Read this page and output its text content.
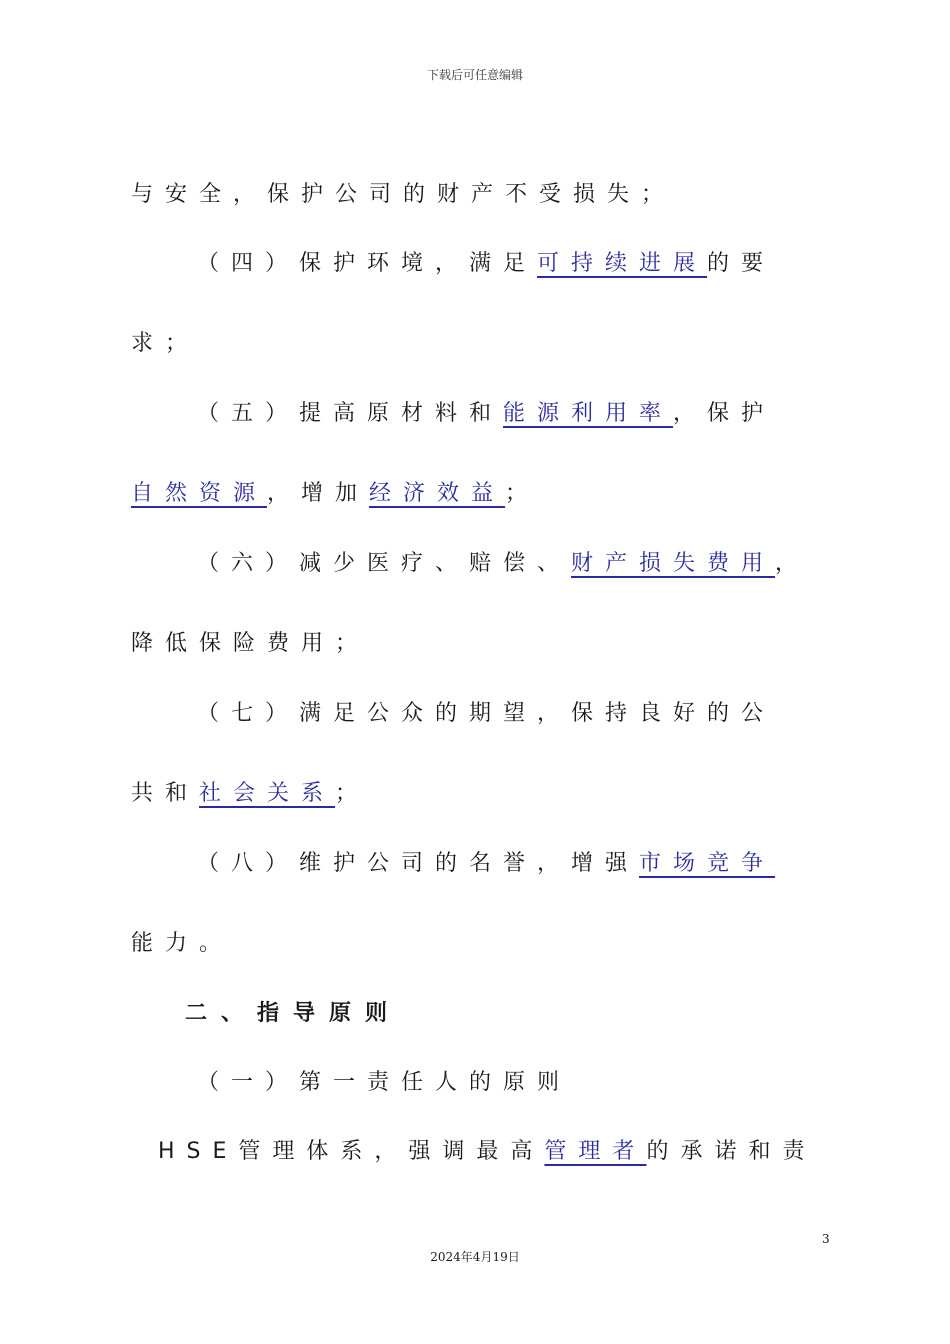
下载后可任意编辑
与安全，保护公司的财产不受损失；
（四）保护环境，满足可持续进展的要
求；
（五）提高原材料和能源利用率，保护
自然资源，增加经济效益；
（六）减少医疗、赔偿、财产损失费用，
降低保险费用；
（七）满足公众的期望，保持良好的公
共和社会关系；
（八）维护公司的名誉，增强市场竞争
能力。
二、指导原则
（一）第一责任人的原则
HSE管理体系，强调最高管理者的承诺和责
3
2024年4月19日
